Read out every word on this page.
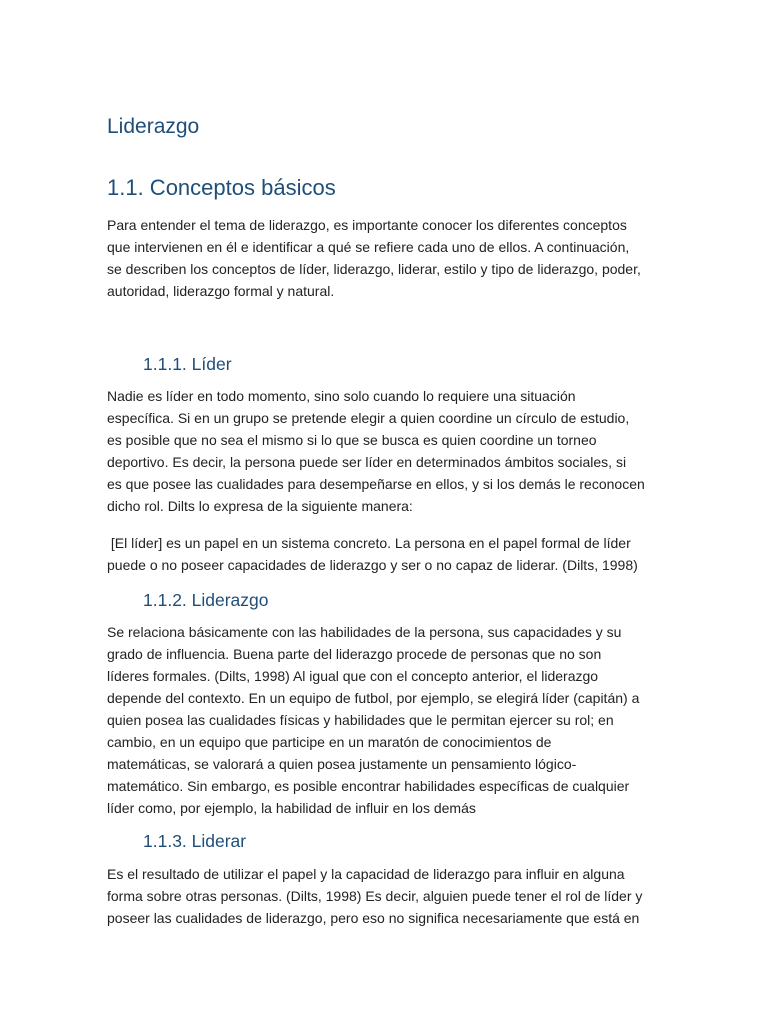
Liderazgo
1.1. Conceptos básicos

Para entender el tema de liderazgo, es importante conocer los diferentes conceptos
que intervienen en él e identificar a qué se refiere cada uno de ellos. A continuación,
se describen los conceptos de líder, liderazgo, liderar, estilo y tipo de liderazgo, poder,
autoridad, liderazgo formal y natural.

1.1.1. Líder

Nadie es líder en todo momento, sino solo cuando lo requiere una situación
específica. Si en un grupo se pretende elegir a quien coordine un círculo de estudio,
es posible que no sea el mismo si lo que se busca es quien coordine un torneo
deportivo. Es decir, la persona puede ser líder en determinados ámbitos sociales, si
es que posee las cualidades para desempeñarse en ellos, y si los demás le reconocen
dicho rol. Dilts lo expresa de la siguiente manera:

[El líder] es un papel en un sistema concreto. La persona en el papel formal de líder
puede o no poseer capacidades de liderazgo y ser o no capaz de liderar. (Dilts, 1998)

1.1.2. Liderazgo

Se relaciona básicamente con las habilidades de la persona, sus capacidades y su
grado de influencia. Buena parte del liderazgo procede de personas que no son
líderes formales. (Dilts, 1998) Al igual que con el concepto anterior, el liderazgo
depende del contexto. En un equipo de futbol, por ejemplo, se elegirá líder (capitán) a
quien posea las cualidades físicas y habilidades que le permitan ejercer su rol; en
cambio, en un equipo que participe en un maratón de conocimientos de
matemáticas, se valorará a quien posea justamente un pensamiento lógico-
matemático. Sin embargo, es posible encontrar habilidades específicas de cualquier
líder como, por ejemplo, la habilidad de influir en los demás

1.1.3. Liderar

Es el resultado de utilizar el papel y la capacidad de liderazgo para influir en alguna
forma sobre otras personas. (Dilts, 1998) Es decir, alguien puede tener el rol de líder y
poseer las cualidades de liderazgo, pero eso no significa necesariamente que está en
